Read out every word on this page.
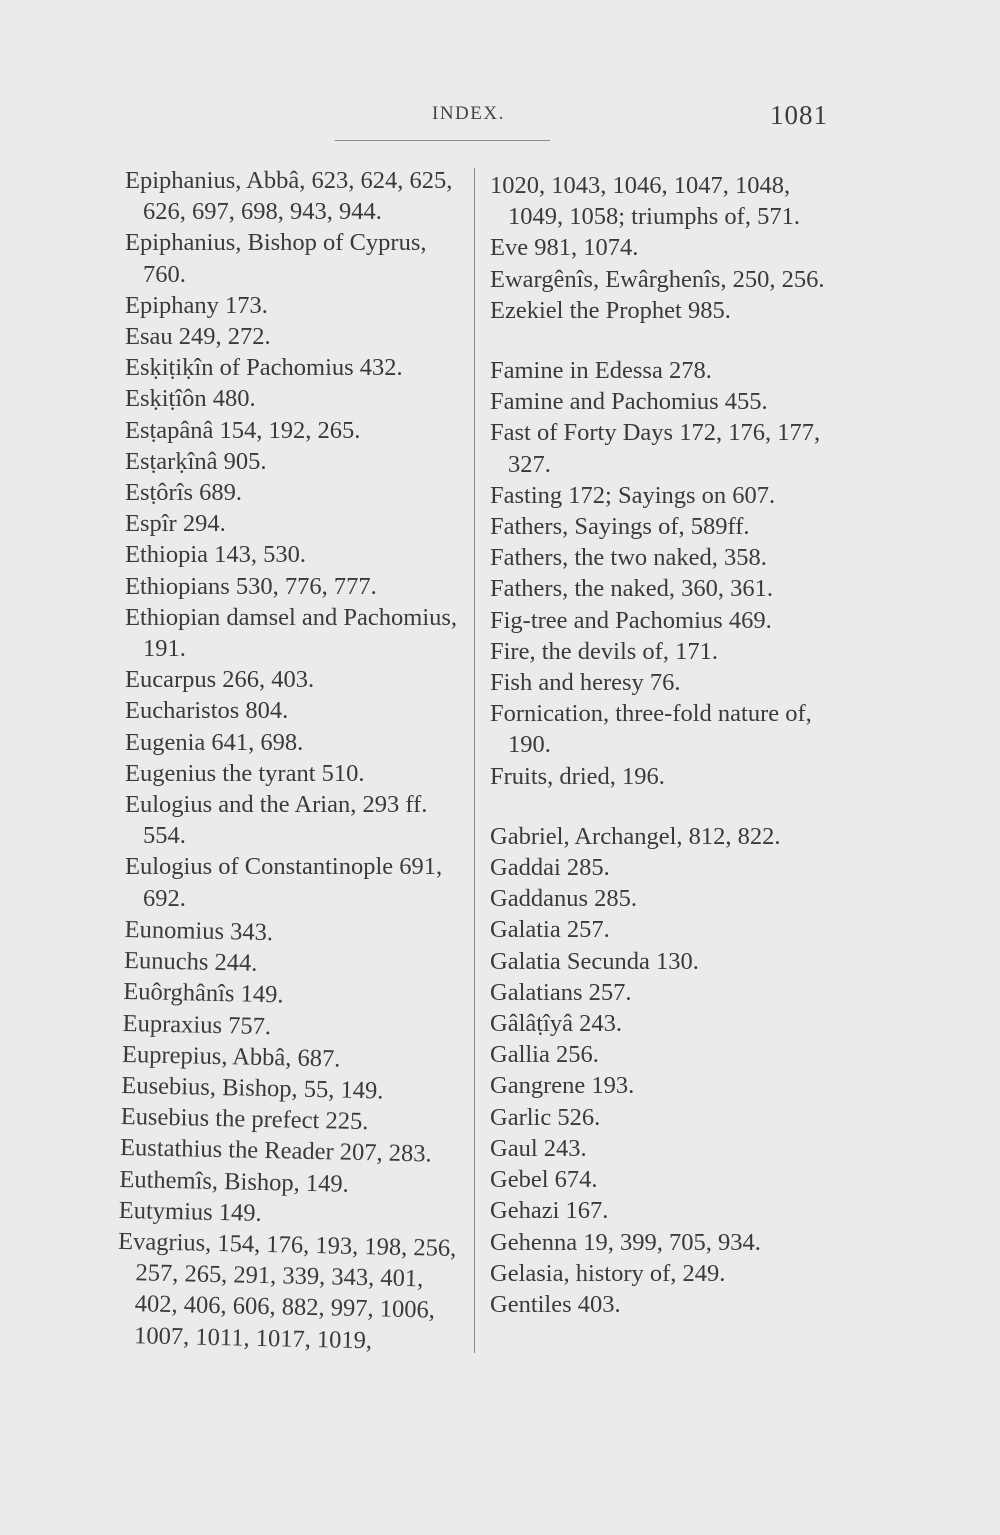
INDEX.	1081
Epiphanius, Abbâ, 623, 624, 625, 626, 697, 698, 943, 944.
Epiphanius, Bishop of Cyprus, 760.
Epiphany 173.
Esau 249, 272.
Esḳiṭiḳîn of Pachomius 432.
Esḳiṭîôn 480.
Esṭapânâ 154, 192, 265.
Esṭarḳînâ 905.
Esṭôrîs 689.
Espîr 294.
Ethiopia 143, 530.
Ethiopians 530, 776, 777.
Ethiopian damsel and Pachomius, 191.
Eucarpus 266, 403.
Eucharistos 804.
Eugenia 641, 698.
Eugenius the tyrant 510.
Eulogius and the Arian, 293 ff. 554.
Eulogius of Constantinople 691, 692.
Eunomius 343.
Eunuchs 244.
Euôrghânîs 149.
Eupraxius 757.
Euprepius, Abbâ, 687.
Eusebius, Bishop, 55, 149.
Eusebius the prefect 225.
Eustathius the Reader 207, 283.
Euthemîs, Bishop, 149.
Eutymius 149.
Evagrius, 154, 176, 193, 198, 256, 257, 265, 291, 339, 343, 401, 402, 406, 606, 882, 997, 1006, 1007, 1011, 1017, 1019,
1020, 1043, 1046, 1047, 1048, 1049, 1058; triumphs of, 571.
Eve 981, 1074.
Ewargênîs, Ewârghenîs, 250, 256.
Ezekiel the Prophet 985.
Famine in Edessa 278.
Famine and Pachomius 455.
Fast of Forty Days 172, 176, 177, 327.
Fasting 172; Sayings on 607.
Fathers, Sayings of, 589ff.
Fathers, the two naked, 358.
Fathers, the naked, 360, 361.
Fig-tree and Pachomius 469.
Fire, the devils of, 171.
Fish and heresy 76.
Fornication, three-fold nature of, 190.
Fruits, dried, 196.
Gabriel, Archangel, 812, 822.
Gaddai 285.
Gaddanus 285.
Galatia 257.
Galatia Secunda 130.
Galatians 257.
Gâlâṭîyâ 243.
Gallia 256.
Gangrene 193.
Garlic 526.
Gaul 243.
Gebel 674.
Gehazi 167.
Gehenna 19, 399, 705, 934.
Gelasia, history of, 249.
Gentiles 403.
